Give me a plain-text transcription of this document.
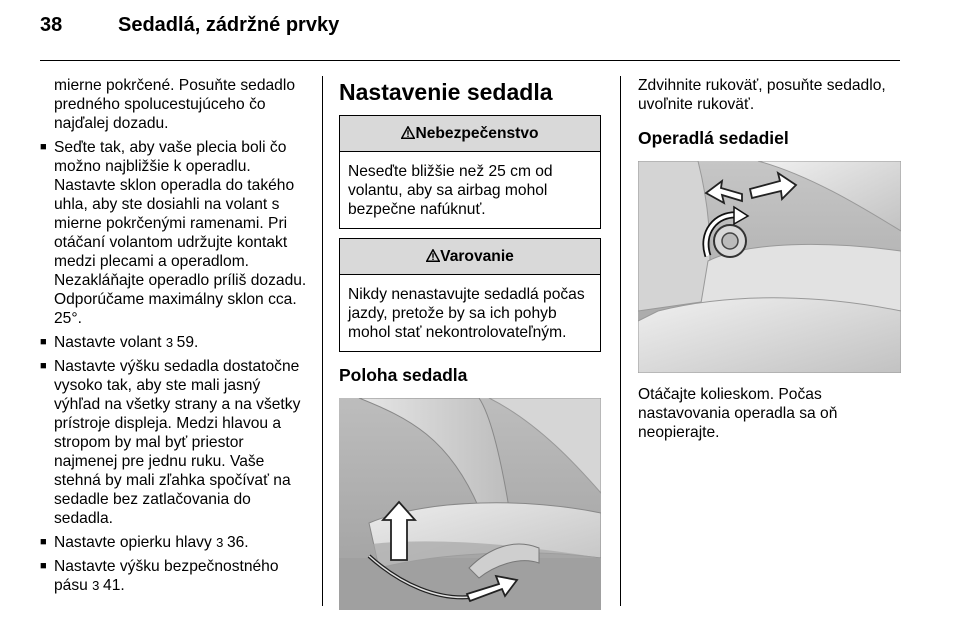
38	Sedadlá, zádržné prvky
mierne pokrčené. Posuňte sedadlo predného spolucestujúceho čo najďalej dozadu.
■ Seďte tak, aby vaše plecia boli čo možno najbližšie k operadlu. Nastavte sklon operadla do takého uhla, aby ste dosiahli na volant s mierne pokrčenými ramenami. Pri otáčaní volantom udržujte kontakt medzi plecami a operadlom. Nezakláňajte operadlo príliš dozadu. Odporúčame maximálny sklon cca. 25°.
■ Nastavte volant 3 59.
■ Nastavte výšku sedadla dostatočne vysoko tak, aby ste mali jasný výhľad na všetky strany a na všetky prístroje displeja. Medzi hlavou a stropom by mal byť priestor najmenej pre jednu ruku. Vaše stehná by mali zľahka spočívať na sedadle bez zatlačovania do sedadla.
■ Nastavte opierku hlavy 3 36.
■ Nastavte výšku bezpečnostného pásu 3 41.
Nastavenie sedadla
Nebezpečenstvo
Neseďte bližšie než 25 cm od volantu, aby sa airbag mohol bezpečne nafúknuť.
Varovanie
Nikdy nenastavujte sedadlá počas jazdy, pretože by sa ich pohyb mohol stať nekontrolovateľným.
Poloha sedadla
Zdvihnite rukoväť, posuňte sedadlo, uvoľnite rukoväť.
Operadlá sedadiel
Otáčajte kolieskom. Počas nastavovania operadla sa oň neopierajte.
